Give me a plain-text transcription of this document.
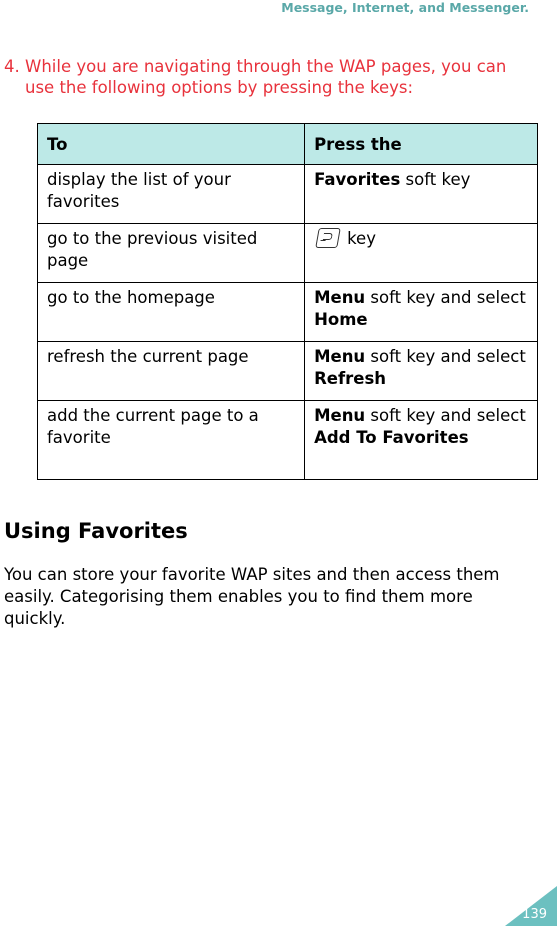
Message, Internet, and Messenger.
4. While you are navigating through the WAP pages, you can use the following options by pressing the keys:
To	Press the
display the list of your favorites	Favorites soft key
go to the previous visited page	key
go to the homepage	Menu soft key and select Home
refresh the current page	Menu soft key and select Refresh
add the current page to a favorite	Menu soft key and select Add To Favorites
Using Favorites
You can store your favorite WAP sites and then access them easily. Categorising them enables you to find them more quickly.
139
